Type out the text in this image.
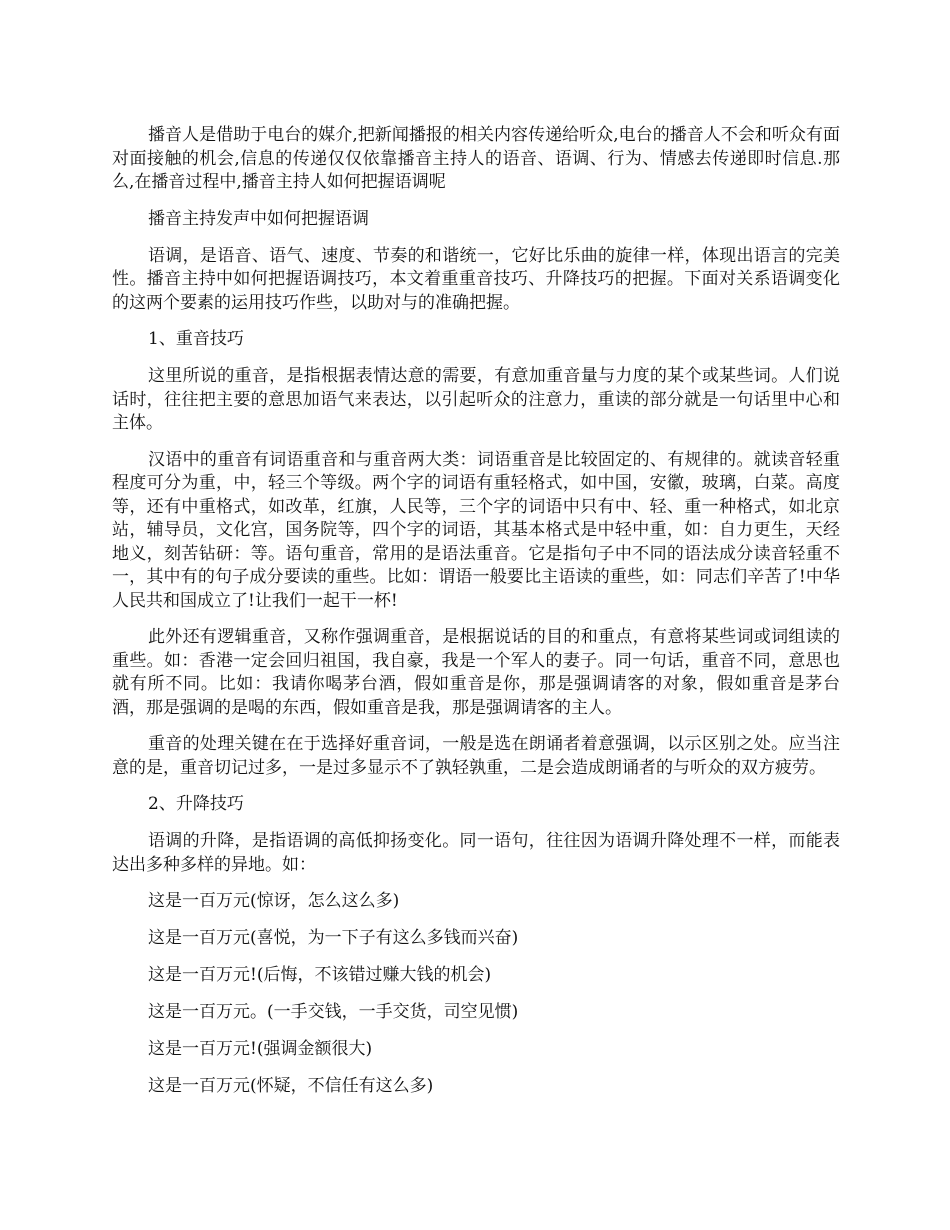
播音人是借助于电台的媒介,把新闻播报的相关内容传递给听众,电台的播音人不会和听众有面对面接触的机会,信息的传递仅仅依靠播音主持人的语音、语调、行为、情感去传递即时信息.那么,在播音过程中,播音主持人如何把握语调呢

播音主持发声中如何把握语调

语调，是语音、语气、速度、节奏的和谐统一，它好比乐曲的旋律一样，体现出语言的完美性。播音主持中如何把握语调技巧，本文着重重音技巧、升降技巧的把握。下面对关系语调变化的这两个要素的运用技巧作些，以助对与的准确把握。

1、重音技巧

这里所说的重音，是指根据表情达意的需要，有意加重音量与力度的某个或某些词。人们说话时，往往把主要的意思加语气来表达，以引起听众的注意力，重读的部分就是一句话里中心和主体。

汉语中的重音有词语重音和与重音两大类：词语重音是比较固定的、有规律的。就读音轻重程度可分为重，中，轻三个等级。两个字的词语有重轻格式，如中国，安徽，玻璃，白菜。高度等，还有中重格式，如改革，红旗，人民等，三个字的词语中只有中、轻、重一种格式，如北京站，辅导员，文化宫，国务院等，四个字的词语，其基本格式是中轻中重，如：自力更生，天经地义，刻苦钻研：等。语句重音，常用的是语法重音。它是指句子中不同的语法成分读音轻重不一，其中有的句子成分要读的重些。比如：谓语一般要比主语读的重些，如：同志们辛苦了!中华人民共和国成立了!让我们一起干一杯!

此外还有逻辑重音，又称作强调重音，是根据说话的目的和重点，有意将某些词或词组读的重些。如：香港一定会回归祖国，我自豪，我是一个军人的妻子。同一句话，重音不同，意思也就有所不同。比如：我请你喝茅台酒，假如重音是你，那是强调请客的对象，假如重音是茅台酒，那是强调的是喝的东西，假如重音是我，那是强调请客的主人。

重音的处理关键在在于选择好重音词，一般是选在朗诵者着意强调，以示区别之处。应当注意的是，重音切记过多，一是过多显示不了孰轻孰重，二是会造成朗诵者的与听众的双方疲劳。

2、升降技巧

语调的升降，是指语调的高低抑扬变化。同一语句，往往因为语调升降处理不一样，而能表达出多种多样的异地。如：

这是一百万元(惊讶，怎么这么多)

这是一百万元(喜悦，为一下子有这么多钱而兴奋)

这是一百万元!(后悔，不该错过赚大钱的机会)

这是一百万元。(一手交钱，一手交货，司空见惯)

这是一百万元!(强调金额很大)

这是一百万元(怀疑，不信任有这么多)
